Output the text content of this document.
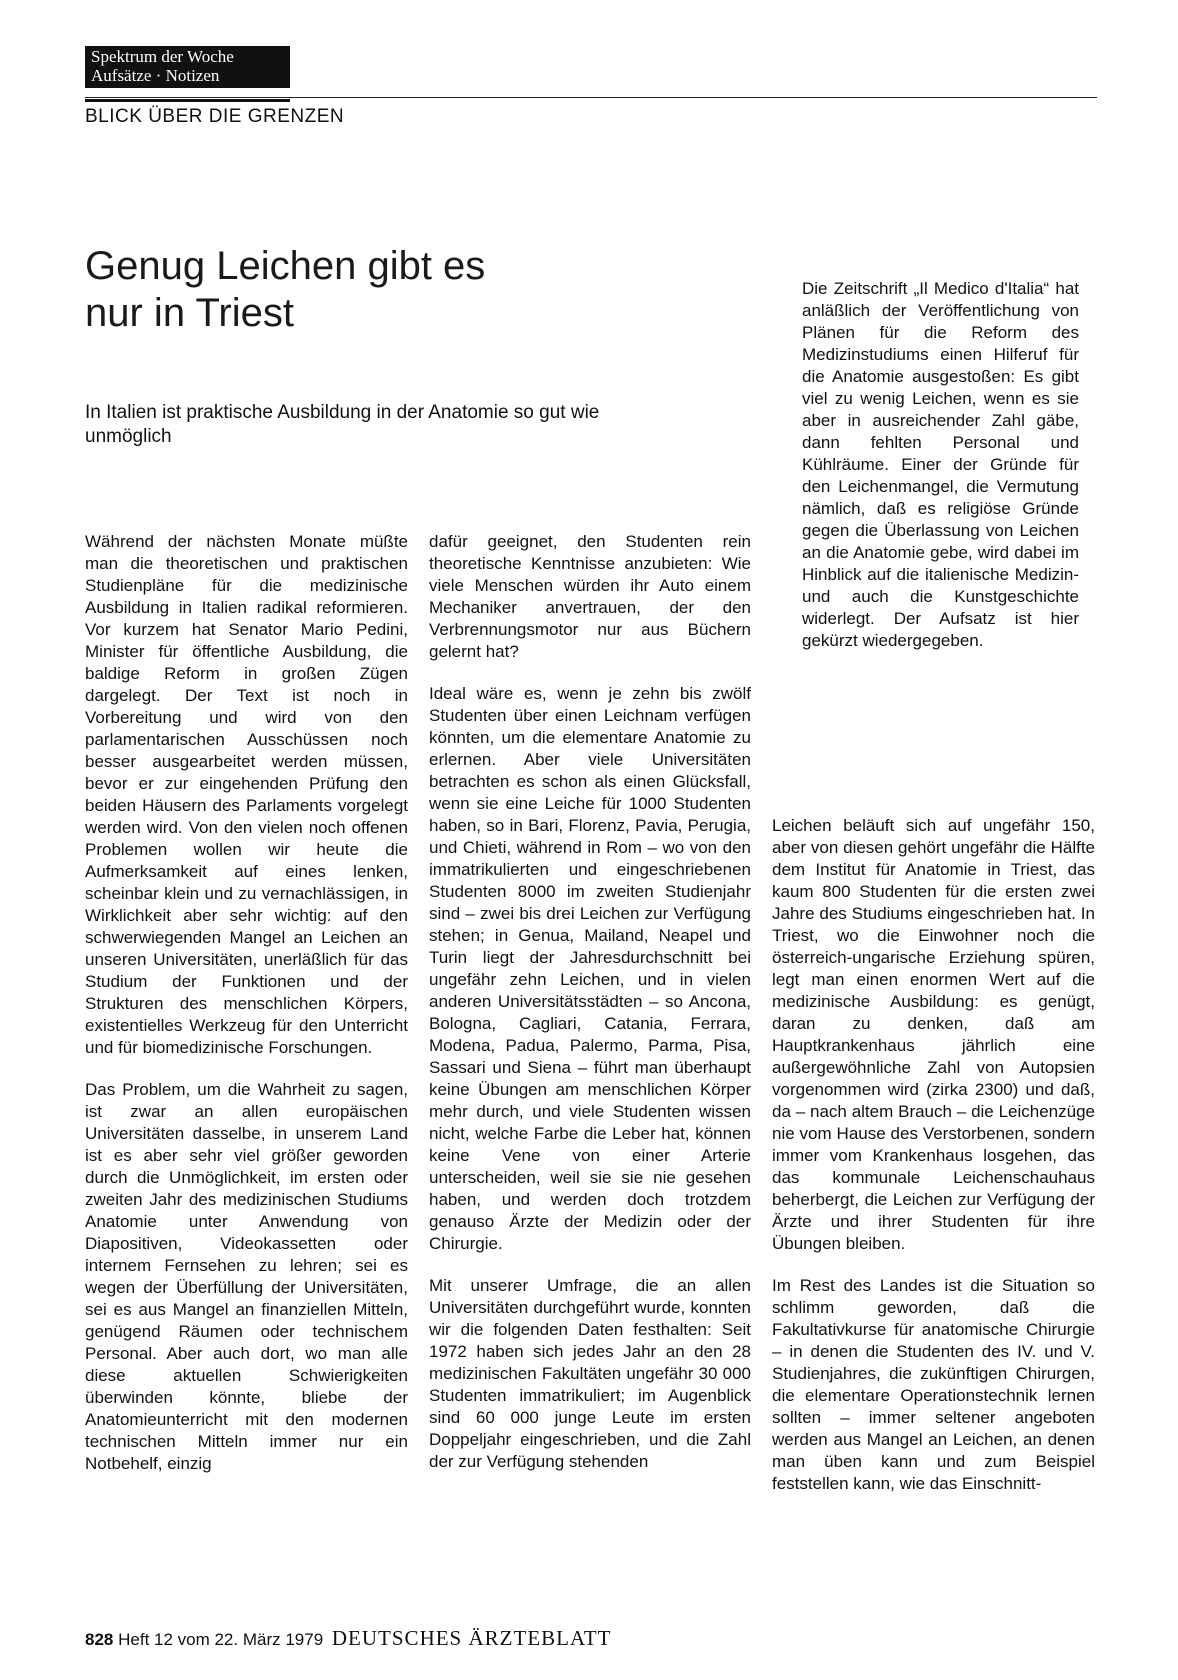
Spektrum der Woche
Aufsätze · Notizen
BLICK ÜBER DIE GRENZEN
Genug Leichen gibt es nur in Triest
In Italien ist praktische Ausbildung in der Anatomie so gut wie unmöglich

Die Zeitschrift „Il Medico d'Italia“ hat anläßlich der Veröffentlichung von Plänen für die Reform des Medizinstudiums einen Hilferuf für die Anatomie ausgestoßen: Es gibt viel zu wenig Leichen, wenn es sie aber in ausreichender Zahl gäbe, dann fehlten Personal und Kühlräume. Einer der Gründe für den Leichenmangel, die Vermutung nämlich, daß es religiöse Gründe gegen die Überlassung von Leichen an die Anatomie gebe, wird dabei im Hinblick auf die italienische Medizin- und auch die Kunstgeschichte widerlegt. Der Aufsatz ist hier gekürzt wiedergegeben.

Während der nächsten Monate müßte man die theoretischen und praktischen Studienpläne für die medizinische Ausbildung in Italien radikal reformieren. Vor kurzem hat Senator Mario Pedini, Minister für öffentliche Ausbildung, die baldige Reform in großen Zügen dargelegt. Der Text ist noch in Vorbereitung und wird von den parlamentarischen Ausschüssen noch besser ausgearbeitet werden müssen, bevor er zur eingehenden Prüfung den beiden Häusern des Parlaments vorgelegt werden wird. Von den vielen noch offenen Problemen wollen wir heute die Aufmerksamkeit auf eines lenken, scheinbar klein und zu vernachlässigen, in Wirklichkeit aber sehr wichtig: auf den schwerwiegenden Mangel an Leichen an unseren Universitäten, unerläßlich für das Studium der Funktionen und der Strukturen des menschlichen Körpers, existentielles Werkzeug für den Unterricht und für biomedizinische Forschungen.

Das Problem, um die Wahrheit zu sagen, ist zwar an allen europäischen Universitäten dasselbe, in unserem Land ist es aber sehr viel größer geworden durch die Unmöglichkeit, im ersten oder zweiten Jahr des medizinischen Studiums Anatomie unter Anwendung von Diapositiven, Videokassetten oder internem Fernsehen zu lehren; sei es wegen der Überfüllung der Universitäten, sei es aus Mangel an finanziellen Mitteln, genügend Räumen oder technischem Personal. Aber auch dort, wo man alle diese aktuellen Schwierigkeiten überwinden könnte, bliebe der Anatomieunterricht mit den modernen technischen Mitteln immer nur ein Notbehelf, einzig

dafür geeignet, den Studenten rein theoretische Kenntnisse anzubieten: Wie viele Menschen würden ihr Auto einem Mechaniker anvertrauen, der den Verbrennungsmotor nur aus Büchern gelernt hat?

Ideal wäre es, wenn je zehn bis zwölf Studenten über einen Leichnam verfügen könnten, um die elementare Anatomie zu erlernen. Aber viele Universitäten betrachten es schon als einen Glücksfall, wenn sie eine Leiche für 1000 Studenten haben, so in Bari, Florenz, Pavia, Perugia, und Chieti, während in Rom – wo von den immatrikulierten und eingeschriebenen Studenten 8000 im zweiten Studienjahr sind – zwei bis drei Leichen zur Verfügung stehen; in Genua, Mailand, Neapel und Turin liegt der Jahresdurchschnitt bei ungefähr zehn Leichen, und in vielen anderen Universitätsstädten – so Ancona, Bologna, Cagliari, Catania, Ferrara, Modena, Padua, Palermo, Parma, Pisa, Sassari und Siena – führt man überhaupt keine Übungen am menschlichen Körper mehr durch, und viele Studenten wissen nicht, welche Farbe die Leber hat, können keine Vene von einer Arterie unterscheiden, weil sie sie nie gesehen haben, und werden doch trotzdem genauso Ärzte der Medizin oder der Chirurgie.

Mit unserer Umfrage, die an allen Universitäten durchgeführt wurde, konnten wir die folgenden Daten festhalten: Seit 1972 haben sich jedes Jahr an den 28 medizinischen Fakultäten ungefähr 30 000 Studenten immatrikuliert; im Augenblick sind 60 000 junge Leute im ersten Doppeljahr eingeschrieben, und die Zahl der zur Verfügung stehenden

Leichen beläuft sich auf ungefähr 150, aber von diesen gehört ungefähr die Hälfte dem Institut für Anatomie in Triest, das kaum 800 Studenten für die ersten zwei Jahre des Studiums eingeschrieben hat. In Triest, wo die Einwohner noch die österreich-ungarische Erziehung spüren, legt man einen enormen Wert auf die medizinische Ausbildung: es genügt, daran zu denken, daß am Hauptkrankenhaus jährlich eine außergewöhnliche Zahl von Autopsien vorgenommen wird (zirka 2300) und daß, da – nach altem Brauch – die Leichenzüge nie vom Hause des Verstorbenen, sondern immer vom Krankenhaus losgehen, das das kommunale Leichenschauhaus beherbergt, die Leichen zur Verfügung der Ärzte und ihrer Studenten für ihre Übungen bleiben.

Im Rest des Landes ist die Situation so schlimm geworden, daß die Fakultativkurse für anatomische Chirurgie – in denen die Studenten des IV. und V. Studienjahres, die zukünftigen Chirurgen, die elementare Operationstechnik lernen sollten – immer seltener angeboten werden aus Mangel an Leichen, an denen man üben kann und zum Beispiel feststellen kann, wie das Einschnitt-

828 Heft 12 vom 22. März 1979 DEUTSCHES ÄRZTEBLATT
